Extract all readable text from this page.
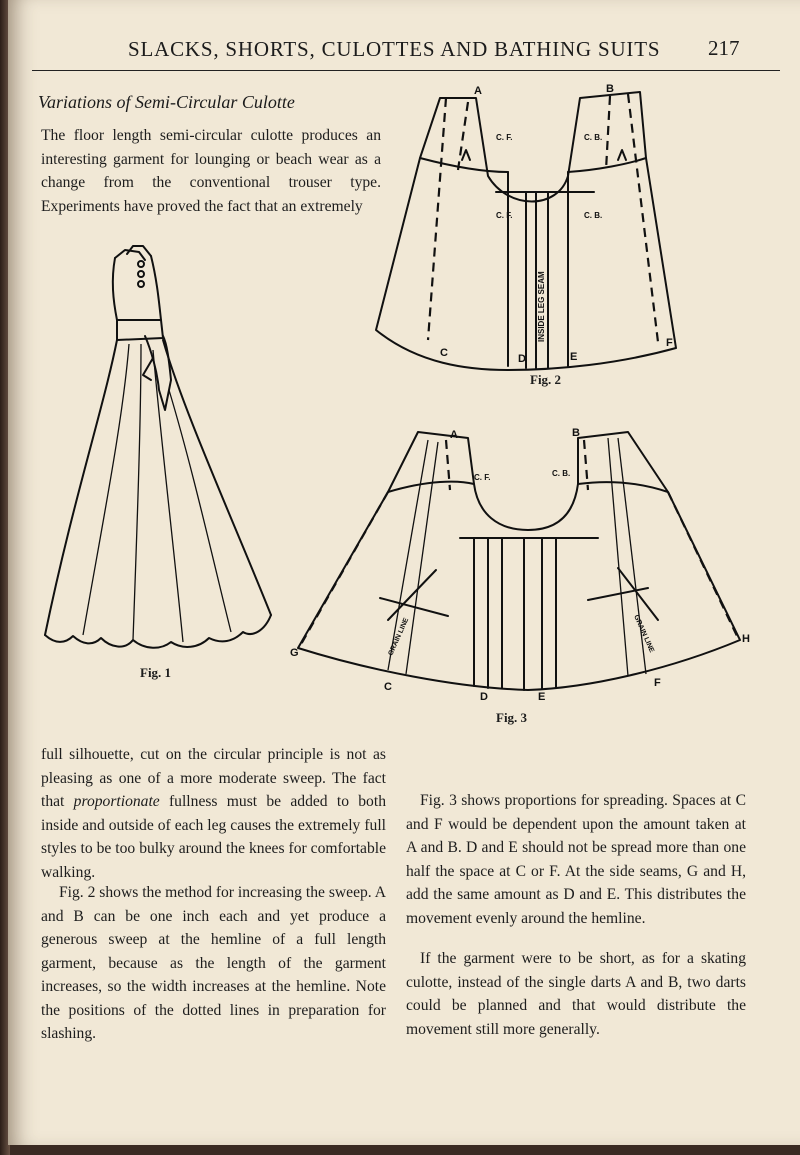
SLACKS, SHORTS, CULOTTES AND BATHING SUITS 217
Variations of Semi-Circular Culotte

The floor length semi-circular culotte produces an interesting garment for lounging or beach wear as a change from the conventional trouser type. Experiments have proved the fact that an extremely

full silhouette, cut on the circular principle is not as pleasing as one of a more moderate sweep. The fact that proportionate fullness must be added to both inside and outside of each leg causes the extremely full styles to be too bulky around the knees for comfortable walking.

Fig. 2 shows the method for increasing the sweep. A and B can be one inch each and yet produce a generous sweep at the hemline of a full length garment, because as the length of the garment increases, so the width increases at the hemline. Note the positions of the dotted lines in preparation for slashing.

Fig. 3 shows proportions for spreading. Spaces at C and F would be dependent upon the amount taken at A and B. D and E should not be spread more than one half the space at C or F. At the side seams, G and H, add the same amount as D and E. This distributes the movement evenly around the hemline.

If the garment were to be short, as for a skating culotte, instead of the single darts A and B, two darts could be planned and that would distribute the movement still more generally.

Fig. 1
A	B
C	D	E
F
C. F.	C. B.
C. F.	C. B.
INSIDE LEG SEAM
Fig. 2
A	B
C
D	E
F
G
H
C. F.	C. B.
GRAIN LINE	GRAIN LINE
Fig. 3
